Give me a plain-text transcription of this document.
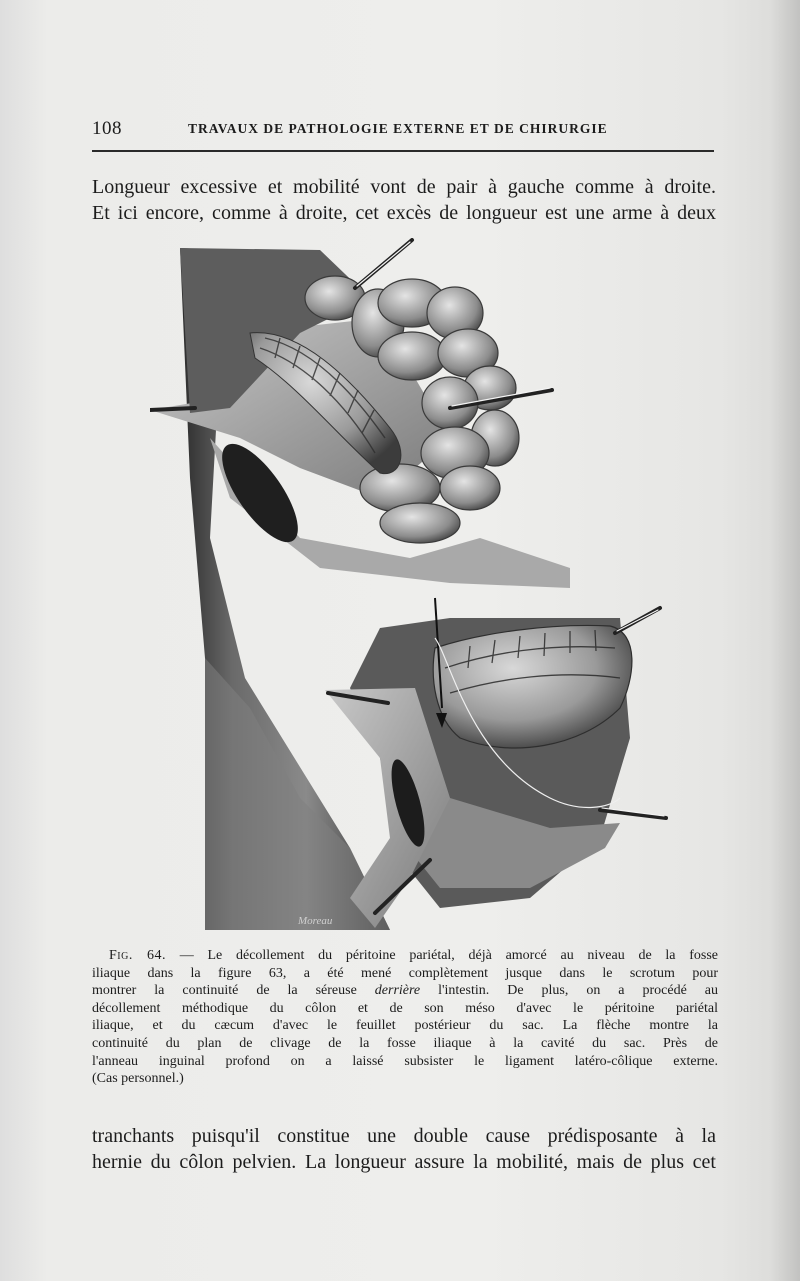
108	TRAVAUX DE PATHOLOGIE EXTERNE ET DE CHIRURGIE
Longueur excessive et mobilité vont de pair à gauche comme à droite.
Et ici encore, comme à droite, cet excès de longueur est une arme à deux
Moreau
Fig. 64. — Le décollement du péritoine pariétal, déjà amorcé au niveau de la fosse
iliaque dans la figure 63, a été mené complètement jusque dans le scrotum pour
montrer la continuité de la séreuse derrière l'intestin. De plus, on a procédé au
décollement méthodique du côlon et de son méso d'avec le péritoine pariétal
iliaque, et du cæcum d'avec le feuillet postérieur du sac. La flèche montre la
continuité du plan de clivage de la fosse iliaque à la cavité du sac. Près de
l'anneau inguinal profond on a laissé subsister le ligament latéro-côlique externe.
(Cas personnel.)
tranchants puisqu'il constitue une double cause prédisposante à la
hernie du côlon pelvien. La longueur assure la mobilité, mais de plus cet
